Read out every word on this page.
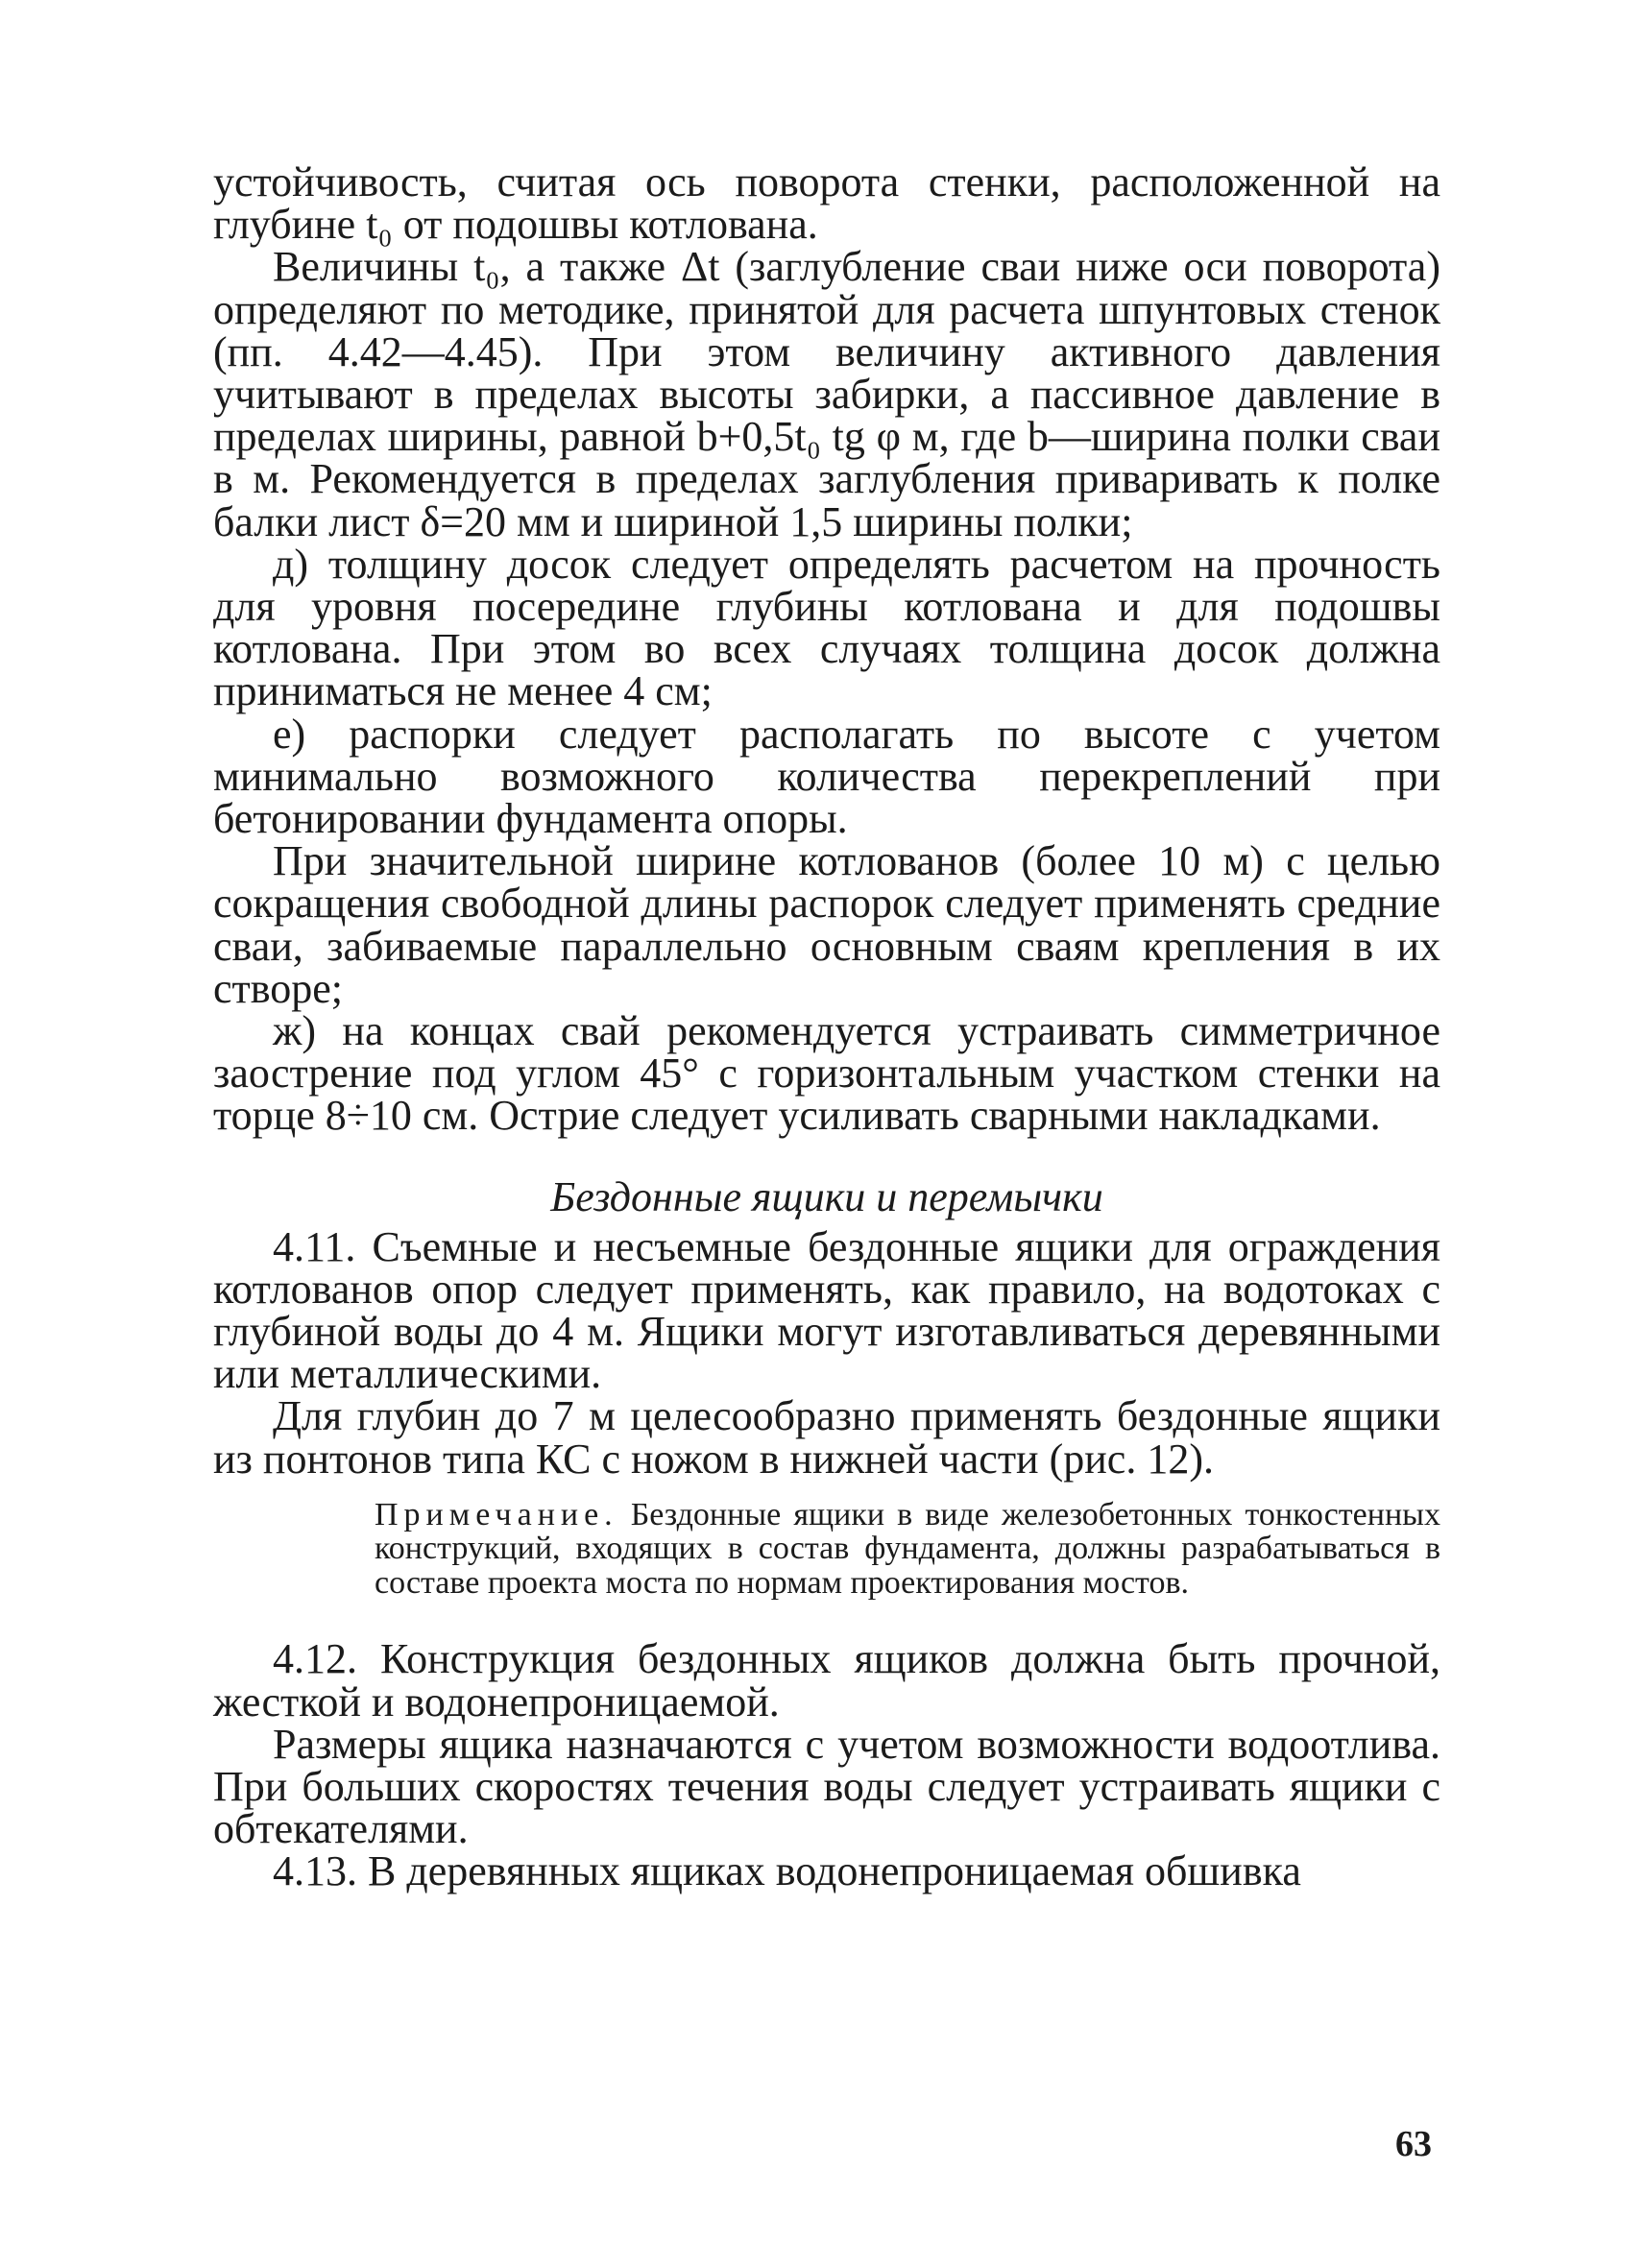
устойчивость, считая ось поворота стенки, расположенной на глубине t₀ от подошвы котлована.

Величины t₀, а также Δt (заглубление сваи ниже оси поворота) определяют по методике, принятой для расчета шпунтовых стенок (пп. 4.42—4.45). При этом величину активного давления учитывают в пределах высоты забирки, а пассивное давление в пределах ширины, равной b+0,5t₀ tg φ м, где b—ширина полки сваи в м. Рекомендуется в пределах заглубления приваривать к полке балки лист δ=20 мм и шириной 1,5 ширины полки;

д) толщину досок следует определять расчетом на прочность для уровня посередине глубины котлована и для подошвы котлована. При этом во всех случаях толщина досок должна приниматься не менее 4 см;

е) распорки следует располагать по высоте с учетом минимально возможного количества перекреплений при бетонировании фундамента опоры.

При значительной ширине котлованов (более 10 м) с целью сокращения свободной длины распорок следует применять средние сваи, забиваемые параллельно основным сваям крепления в их створе;

ж) на концах свай рекомендуется устраивать симметричное заострение под углом 45° с горизонтальным участком стенки на торце 8÷10 см. Острие следует усиливать сварными накладками.

Бездонные ящики и перемычки

4.11. Съемные и несъемные бездонные ящики для ограждения котлованов опор следует применять, как правило, на водотоках с глубиной воды до 4 м. Ящики могут изготавливаться деревянными или металлическими.

Для глубин до 7 м целесообразно применять бездонные ящики из понтонов типа КС с ножом в нижней части (рис. 12).

Примечание. Бездонные ящики в виде железобетонных тонкостенных конструкций, входящих в состав фундамента, должны разрабатываться в составе проекта моста по нормам проектирования мостов.

4.12. Конструкция бездонных ящиков должна быть прочной, жесткой и водонепроницаемой.

Размеры ящика назначаются с учетом возможности водоотлива. При больших скоростях течения воды следует устраивать ящики с обтекателями.

4.13. В деревянных ящиках водонепроницаемая обшивка

63
